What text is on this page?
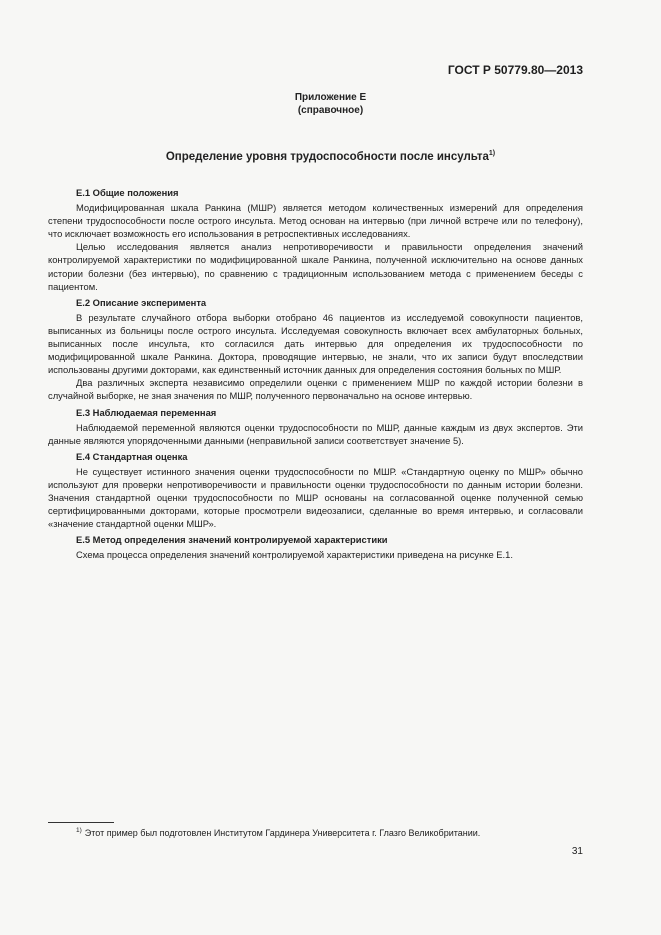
ГОСТ Р 50779.80—2013
Приложение Е
(справочное)
Определение уровня трудоспособности после инсульта$^{1)}$
Е.1 Общие положения

Модифицированная шкала Ранкина (МШР) является методом количественных измерений для определения степени трудоспособности после острого инсульта. Метод основан на интервью (при личной встрече или по телефону), что исключает возможность его использования в ретроспективных исследованиях.

Целью исследования является анализ непротиворечивости и правильности определения значений контролируемой характеристики по модифицированной шкале Ранкина, полученной исключительно на основе данных истории болезни (без интервью), по сравнению с традиционным использованием метода с применением беседы с пациентом.

Е.2 Описание эксперимента

В результате случайного отбора выборки отобрано 46 пациентов из исследуемой совокупности пациентов, выписанных из больницы после острого инсульта. Исследуемая совокупность включает всех амбулаторных больных, выписанных после инсульта, кто согласился дать интервью для определения их трудоспособности по модифицированной шкале Ранкина. Доктора, проводящие интервью, не знали, что их записи будут впоследствии использованы другими докторами, как единственный источник данных для определения состояния больных по МШР.

Два различных эксперта независимо определили оценки с применением МШР по каждой истории болезни в случайной выборке, не зная значения по МШР, полученного первоначально на основе интервью.

Е.3 Наблюдаемая переменная

Наблюдаемой переменной являются оценки трудоспособности по МШР, данные каждым из двух экспертов. Эти данные являются упорядоченными данными (неправильной записи соответствует значение 5).

Е.4 Стандартная оценка

Не существует истинного значения оценки трудоспособности по МШР. «Стандартную оценку по МШР» обычно используют для проверки непротиворечивости и правильности оценки трудоспособности по данным истории болезни. Значения стандартной оценки трудоспособности по МШР основаны на согласованной оценке полученной семью сертифицированными докторами, которые просмотрели видеозаписи, сделанные во время интервью, и согласовали «значение стандартной оценки МШР».

Е.5 Метод определения значений контролируемой характеристики

Схема процесса определения значений контролируемой характеристики приведена на рисунке Е.1.

$^{1)}$ Этот пример был подготовлен Институтом Гардинера Университета г. Глазго Великобритании.
31
